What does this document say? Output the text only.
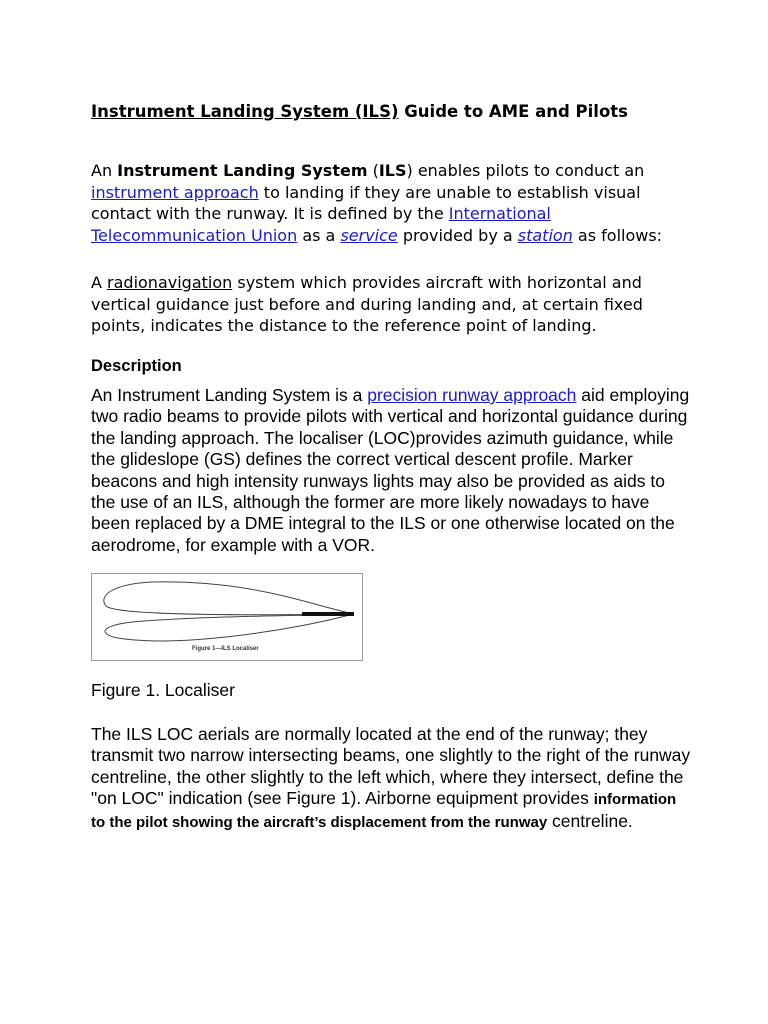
Instrument Landing System (ILS) Guide to AME and Pilots

An Instrument Landing System (ILS) enables pilots to conduct an instrument approach to landing if they are unable to establish visual contact with the runway. It is defined by the International Telecommunication Union as a service provided by a station as follows:

A radionavigation system which provides aircraft with horizontal and vertical guidance just before and during landing and, at certain fixed points, indicates the distance to the reference point of landing.

Description

An Instrument Landing System is a precision runway approach aid employing two radio beams to provide pilots with vertical and horizontal guidance during the landing approach. The localiser (LOC)provides azimuth guidance, while the glideslope (GS) defines the correct vertical descent profile. Marker beacons and high intensity runways lights may also be provided as aids to the use of an ILS, although the former are more likely nowadays to have been replaced by a DME integral to the ILS or one otherwise located on the aerodrome, for example with a VOR.

Figure 1—ILS Localiser
Figure 1. Localiser

The ILS LOC aerials are normally located at the end of the runway; they transmit two narrow intersecting beams, one slightly to the right of the runway centreline, the other slightly to the left which, where they intersect, define the "on LOC" indication (see Figure 1). Airborne equipment provides information to the pilot showing the aircraft’s displacement from the runway centreline.
